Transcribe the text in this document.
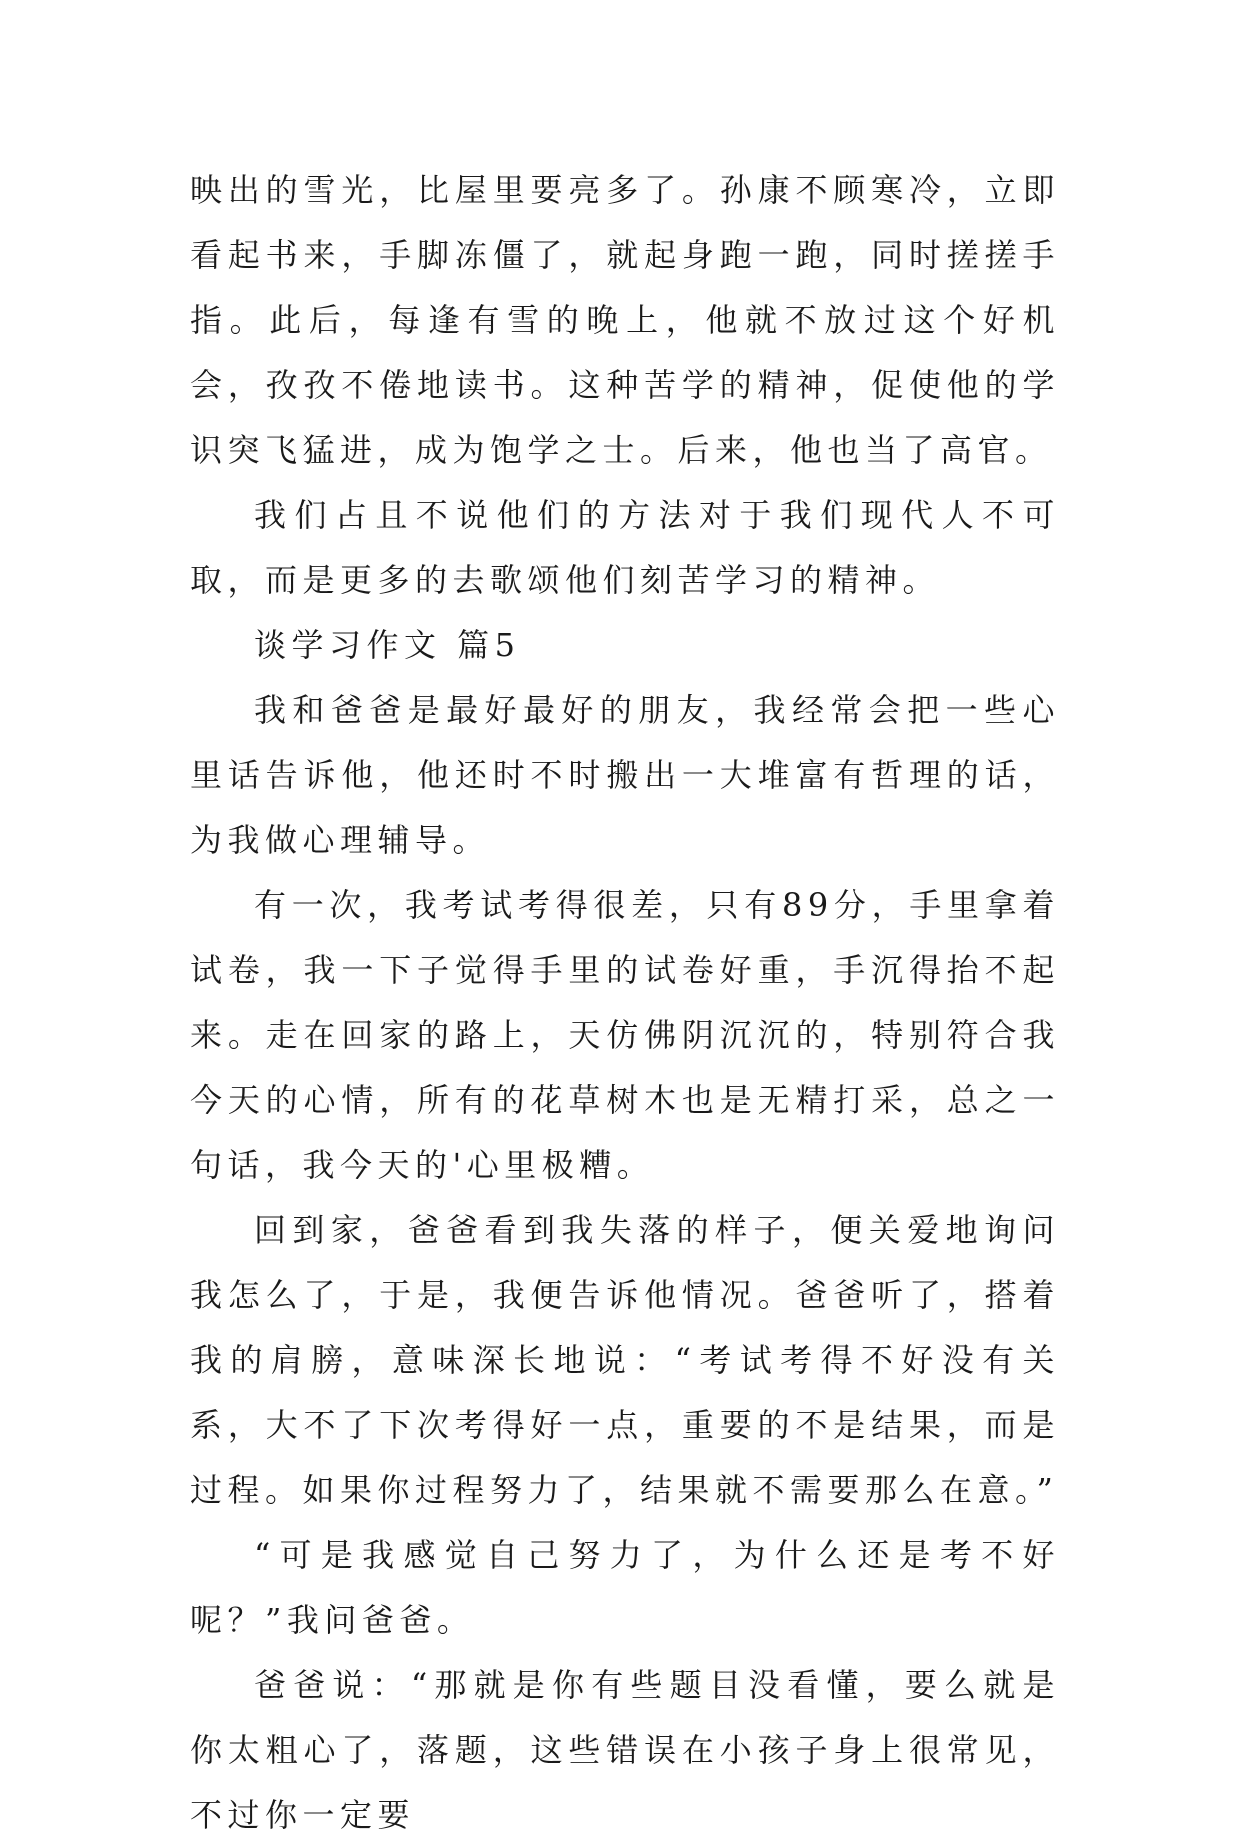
映出的雪光，比屋里要亮多了。孙康不顾寒冷，立即看起书来，手脚冻僵了，就起身跑一跑，同时搓搓手指。此后，每逢有雪的晚上，他就不放过这个好机会，孜孜不倦地读书。这种苦学的精神，促使他的学识突飞猛进，成为饱学之士。后来，他也当了高官。

我们占且不说他们的方法对于我们现代人不可取，而是更多的去歌颂他们刻苦学习的精神。

谈学习作文 篇5

我和爸爸是最好最好的朋友，我经常会把一些心里话告诉他，他还时不时搬出一大堆富有哲理的话，为我做心理辅导。

有一次，我考试考得很差，只有89分，手里拿着试卷，我一下子觉得手里的试卷好重，手沉得抬不起来。走在回家的路上，天仿佛阴沉沉的，特别符合我今天的心情，所有的花草树木也是无精打采，总之一句话，我今天的'心里极糟。

回到家，爸爸看到我失落的样子，便关爱地询问我怎么了，于是，我便告诉他情况。爸爸听了，搭着我的肩膀，意味深长地说：“考试考得不好没有关系，大不了下次考得好一点，重要的不是结果，而是过程。如果你过程努力了，结果就不需要那么在意。”

“可是我感觉自己努力了，为什么还是考不好呢？”我问爸爸。

爸爸说：“那就是你有些题目没看懂，要么就是你太粗心了，落题，这些错误在小孩子身上很常见，不过你一定要
